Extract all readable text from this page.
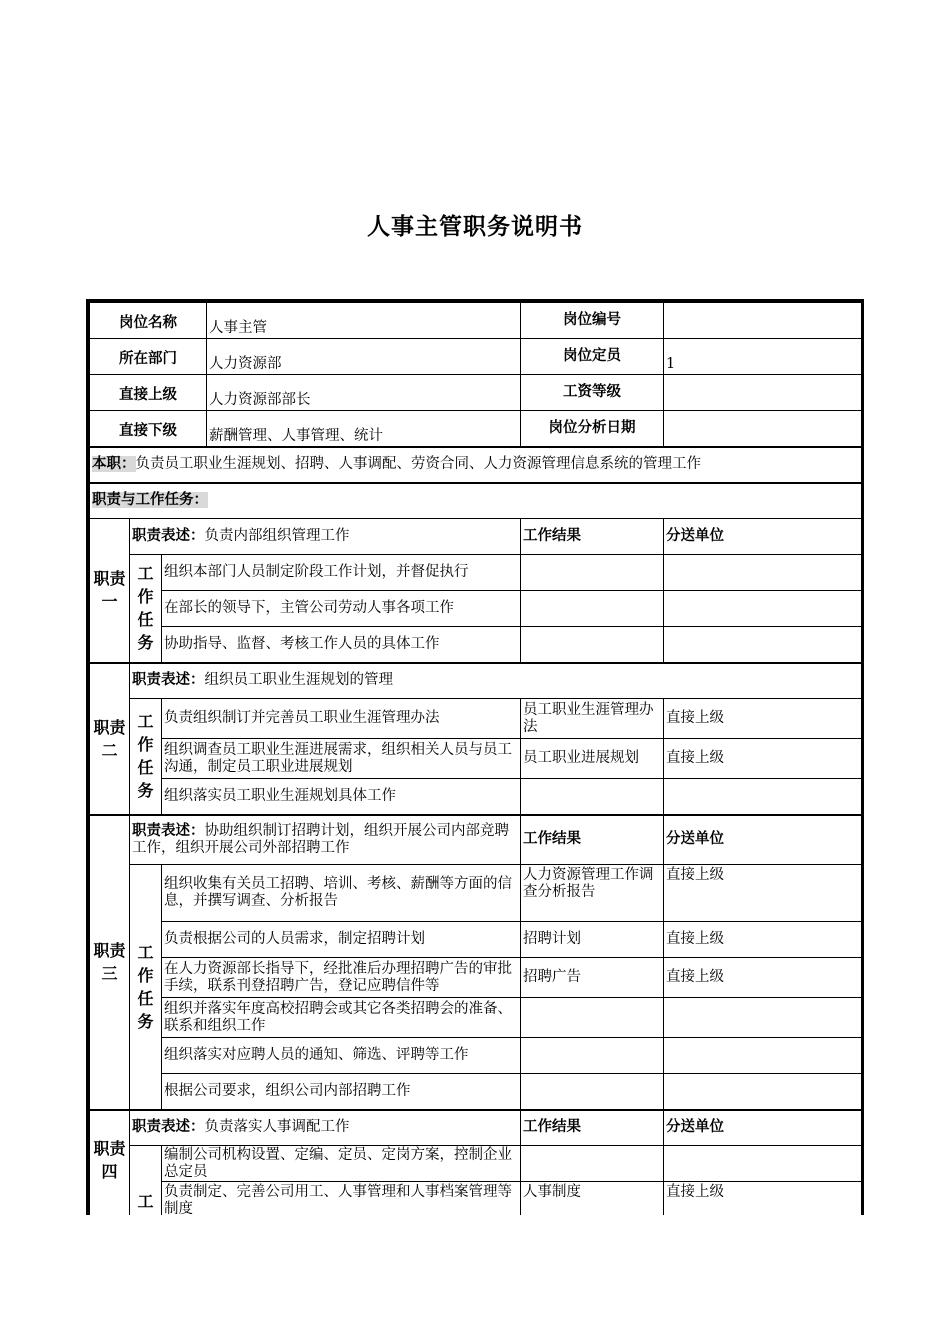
人事主管职务说明书
岗位名称			人事主管	岗位编号	
所在部门			人力资源部	岗位定员	1
直接上级			人力资源部部长	工资等级	
直接下级			薪酬管理、人事管理、统计	岗位分析日期	
本职：负责员工职业生涯规划、招聘、人事调配、劳资合同、人力资源管理信息系统的管理工作					
职责与工作任务：					
职责一	职责表述：负责内部组织管理工作			工作结果	分送单位
	工作任务	组织本部门人员制定阶段工作计划，并督促执行			
		在部长的领导下，主管公司劳动人事各项工作			
		协助指导、监督、考核工作人员的具体工作			
职责二	职责表述：组织员工职业生涯规划的管理				
	工作任务	负责组织制订并完善员工职业生涯管理办法		员工职业生涯管理办法	直接上级
		组织调查员工职业生涯进展需求，组织相关人员与员工沟通，制定员工职业进展规划		员工职业进展规划	直接上级
		组织落实员工职业生涯规划具体工作			
职责三	职责表述：协助组织制订招聘计划，组织开展公司内部竞聘工作，组织开展公司外部招聘工作			工作结果	分送单位
	工作任务	组织收集有关员工招聘、培训、考核、薪酬等方面的信息，并撰写调查、分析报告		人力资源管理工作调查分析报告	直接上级
		负责根据公司的人员需求，制定招聘计划		招聘计划	直接上级
		在人力资源部长指导下，经批准后办理招聘广告的审批手续，联系刊登招聘广告，登记应聘信件等		招聘广告	直接上级
		组织并落实年度高校招聘会或其它各类招聘会的准备、联系和组织工作			
		组织落实对应聘人员的通知、筛选、评聘等工作			
		根据公司要求，组织公司内部招聘工作			
职责四	职责表述：负责落实人事调配工作			工作结果	分送单位
	工	编制公司机构设置、定编、定员、定岗方案，控制企业总定员			
		负责制定、完善公司用工、人事管理和人事档案管理等制度		人事制度	直接上级
